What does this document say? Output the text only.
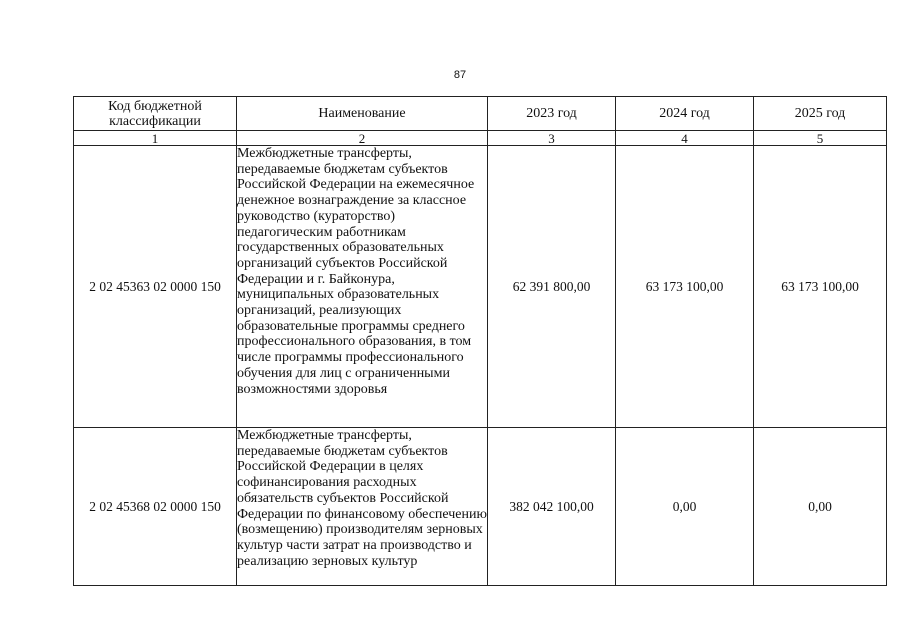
87
Код бюджетной классификации	Наименование	2023 год	2024 год	2025 год
1	2	3	4	5
2 02 45363 02 0000 150	Межбюджетные трансферты, передаваемые бюджетам субъектов Российской Федерации на ежемесячное денежное вознаграждение за классное руководство (кураторство) педагогическим работникам государственных образовательных организаций субъектов Российской Федерации и г. Байконура, муниципальных образовательных организаций, реализующих образовательные программы среднего профессионального образования, в том числе программы профессионального обучения для лиц с ограниченными возможностями здоровья	62 391 800,00	63 173 100,00	63 173 100,00
2 02 45368 02 0000 150	Межбюджетные трансферты, передаваемые бюджетам субъектов Российской Федерации в целях софинансирования расходных обязательств субъектов Российской Федерации по финансовому обеспечению (возмещению) производителям зерновых культур части затрат на производство и реализацию зерновых культур	382 042 100,00	0,00	0,00
